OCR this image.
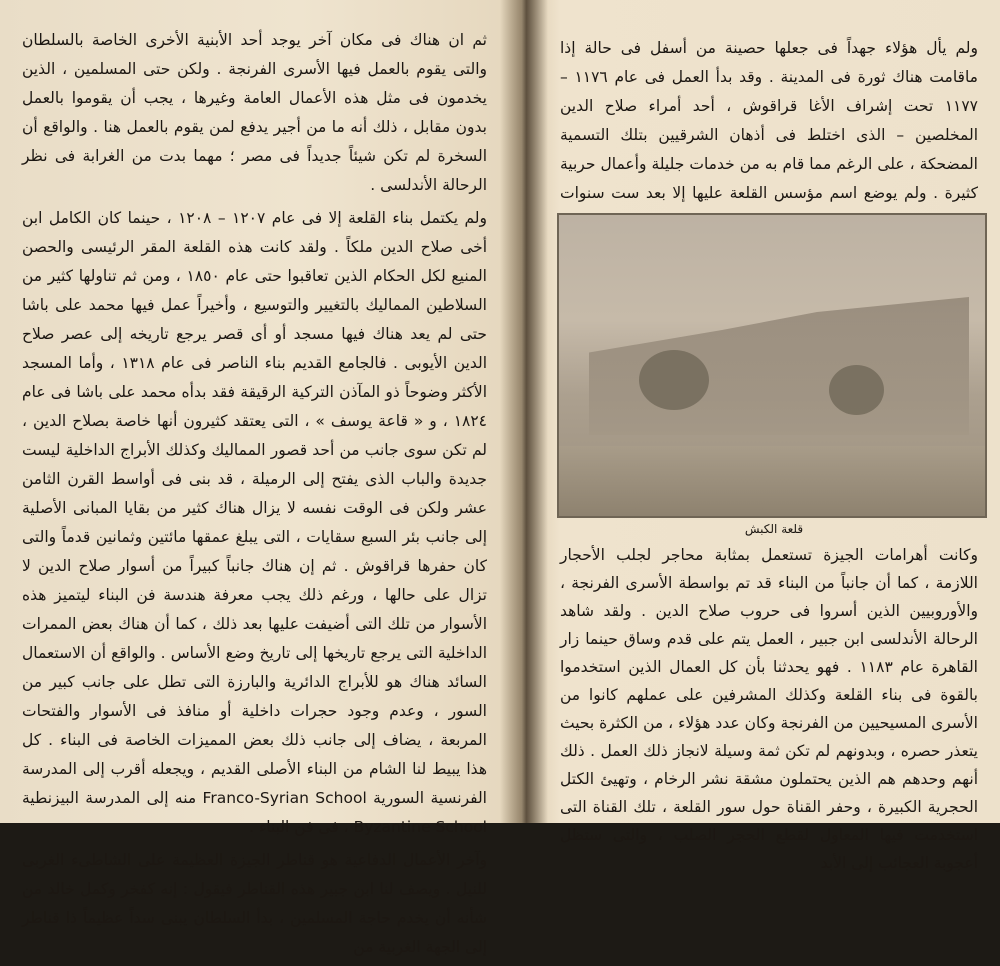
ثم ان هناك فى مكان آخر يوجد أحد الأبنية الأخرى الخاصة بالسلطان والتى يقوم بالعمل فيها الأسرى الفرنجة . ولكن حتى المسلمين ، الذين يخدمون فى مثل هذه الأعمال العامة وغيرها ، يجب أن يقوموا بالعمل بدون مقابل ، ذلك أنه ما من أجير يدفع لمن يقوم بالعمل هنا . والواقع أن السخرة لم تكن شيئاً جديداً فى مصر ؛ مهما بدت من الغرابة فى نظر الرحالة الأندلسى .

ولم يكتمل بناء القلعة إلا فى عام ١٢٠٧ – ١٢٠٨ ، حينما كان الكامل ابن أخى صلاح الدين ملكاً . ولقد كانت هذه القلعة المقر الرئيسى والحصن المنيع لكل الحكام الذين تعاقبوا حتى عام ١٨٥٠ ، ومن ثم تناولها كثير من السلاطين المماليك بالتغيير والتوسيع ، وأخيراً عمل فيها محمد على باشا حتى لم يعد هناك فيها مسجد أو أى قصر يرجع تاريخه إلى عصر صلاح الدين الأيوبى . فالجامع القديم بناء الناصر فى عام ١٣١٨ ، وأما المسجد الأكثر وضوحاً ذو المآذن التركية الرقيقة فقد بدأه محمد على باشا فى عام ١٨٢٤ ، و « قاعة يوسف » ، التى يعتقد كثيرون أنها خاصة بصلاح الدين ، لم تكن سوى جانب من أحد قصور المماليك وكذلك الأبراج الداخلية ليست جديدة والباب الذى يفتح إلى الرميلة ، قد بنى فى أواسط القرن الثامن عشر ولكن فى الوقت نفسه لا يزال هناك كثير من بقايا المبانى الأصلية إلى جانب بئر السبع سقايات ، التى يبلغ عمقها مائتين وثمانين قدماً والتى كان حفرها قراقوش . ثم إن هناك جانباً كبيراً من أسوار صلاح الدين لا تزال على حالها ، ورغم ذلك يجب معرفة هندسة فن البناء ليتميز هذه الأسوار من تلك التى أضيفت عليها بعد ذلك ، كما أن هناك بعض الممرات الداخلية التى يرجع تاريخها إلى تاريخ وضع الأساس . والواقع أن الاستعمال السائد هناك هو للأبراج الدائرية والبارزة التى تطل على جانب كبير من السور ، وعدم وجود حجرات داخلية أو منافذ فى الأسوار والفتحات المربعة ، يضاف إلى جانب ذلك بعض المميزات الخاصة فى البناء . كل هذا يبيط لنا الشام من البناء الأصلى القديم ، ويجعله أقرب إلى المدرسة الفرنسية السورية Franco-Syrian School منه إلى المدرسة البيزنطية Byzantine School ، فى فن البناء .

وآخر الأعمال الدفاعية هو قناطر الجيزة العظيمة على الشاطىء الغربى للنيل . ويصف لنا ابن جبير هذه القناطر فيقول : إنه كفخر وكمل خالد من شأنه أن يخدم حاجة المسلمين ، بدأ السلطان يبنى سداً عظيماً ذا قناطر إلى الجهة الغربية من

ولم يأل هؤلاء جهداً فى جعلها حصينة من أسفل فى حالة إذا ماقامت هناك ثورة فى المدينة . وقد بدأ العمل فى عام ١١٧٦ – ١١٧٧ تحت إشراف الأغا قراقوش ، أحد أمراء صلاح الدين المخلصين – الذى اختلط فى أذهان الشرقيين بتلك التسمية المضحكة ، على الرغم مما قام به من خدمات جليلة وأعمال حربية كثيرة . ولم يوضع اسم مؤسس القلعة عليها إلا بعد ست سنوات

قلعة الكبش

وكانت أهرامات الجيزة تستعمل بمثابة محاجر لجلب الأحجار اللازمة ، كما أن جانباً من البناء قد تم بواسطة الأسرى الفرنجة ، والأوروبيين الذين أسروا فى حروب صلاح الدين . ولقد شاهد الرحالة الأندلسى ابن جبير ، العمل يتم على قدم وساق حينما زار القاهرة عام ١١٨٣ . فهو يحدثنا بأن كل العمال الذين استخدموا بالقوة فى بناء القلعة وكذلك المشرفين على عملهم كانوا من الأسرى المسيحيين من الفرنجة وكان عدد هؤلاء ، من الكثرة بحيث يتعذر حصره ، وبدونهم لم تكن ثمة وسيلة لانجاز ذلك العمل . ذلك أنهم وحدهم هم الذين يحتملون مشقة نشر الرخام ، وتهيئ الكتل الحجرية الكبيرة ، وحفر القناة حول سور القلعة ، تلك القناة التى استخدمت فيها المعاول لقطع الحجر الصلب ، والتى ستظل أعجوبة العجائب إلى الأبد
